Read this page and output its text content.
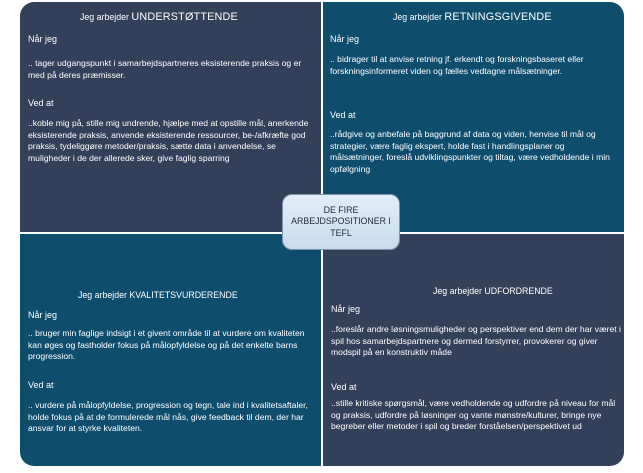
Jeg arbejder UNDERSTØTTENDE
Når jeg
.. tager udgangspunkt i samarbejdspartneres eksisterende praksis og er med på deres præmisser.
Ved at
..koble mig på, stille mig undrende, hjælpe med at opstille mål, anerkende eksisterende praksis, anvende eksisterende ressourcer, be-/afkræfte god praksis, tydeliggøre metoder/praksis, sætte data i anvendelse, se muligheder i de der allerede sker, give faglig sparring
Jeg arbejder RETNINGSGIVENDE
Når jeg
.. bidrager til at anvise retning jf. erkendt og forskningsbaseret eller forskningsinformeret viden og fælles vedtagne målsætninger.
Ved at
..rådgive og anbefale på baggrund af data og viden, henvise til mål og strategier, være faglig ekspert, holde fast i handlingsplaner og målsætninger, foreslå udviklingspunkter og tiltag, være vedholdende i min opfølgning
Jeg arbejder KVALITETSVURDERENDE
Når jeg
.. bruger min faglige indsigt i et givent område til at vurdere om kvaliteten kan øges og fastholder fokus på målopfyldelse og på det enkelte barns progression.
Ved at
.. vurdere på målopfyldelse, progression og tegn, tale ind i kvalitetsaftaler, holde fokus på at de formulerede mål nås, give feedback til dem, der har ansvar for at styrke kvaliteten.
Jeg arbejder UDFORDRENDE
Når jeg
..foreslår andre løsningsmuligheder og perspektiver end dem der har været i spil hos samarbejdspartnere og dermed forstyrrer, provokerer og giver modspil på en konstruktiv måde
Ved at
..stille kritiske spørgsmål, være vedholdende og udfordre på niveau for mål og praksis, udfordre på løsninger og vante mønstre/kulturer, bringe nye begreber eller metoder i spil og breder forståelsen/perspektivet ud
DE FIRE
ARBEJDSPOSITIONER I
TEFL
